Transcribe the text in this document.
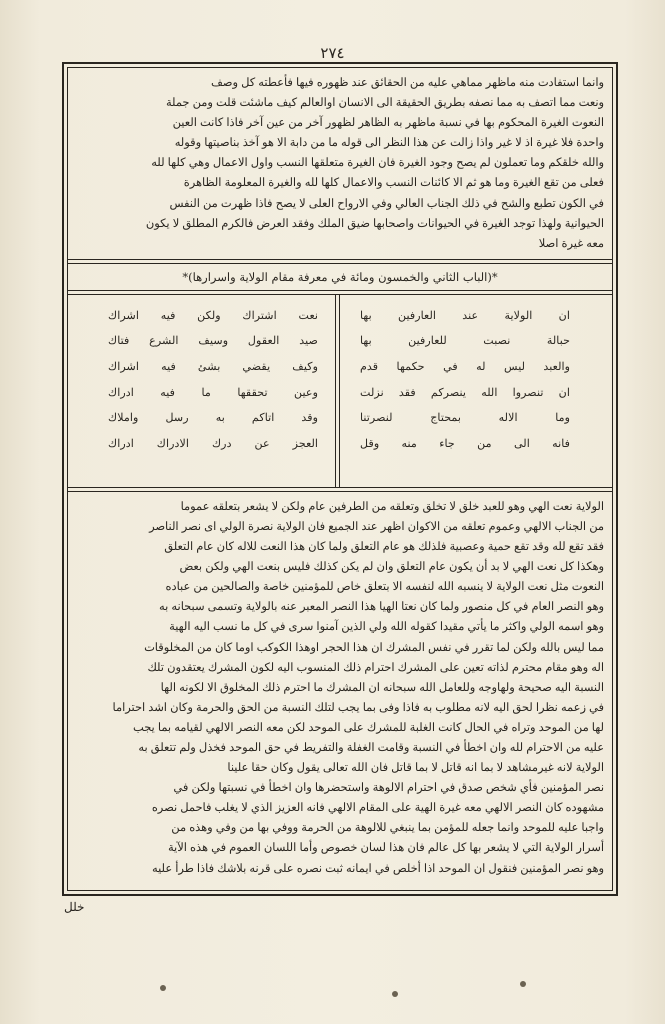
٢٧٤

وانما استفادت منه ماظهر مماهي عليه من الحقائق عند ظهوره فيها فأعطته كل وصف

ونعت مما اتصف به مما نصفه بطريق الحقيقة الى الانسان اوالعالم كيف ماشئت قلت ومن جملة

النعوت الغيرة المحكوم بها في نسبة ماظهر به الظاهر لظهور آخر من عين آخر فاذا كانت العين

واحدة فلا غيرة اذ لا غير واذا زالت عن هذا النظر الى قوله ما من دابة الا هو آخذ بناصيتها وقوله

والله خلقكم وما تعملون لم يصح وجود الغيرة فان الغيرة متعلقها النسب واول الاعمال وهي كلها لله

فعلى من تقع الغيرة وما هو ثم الا كائنات النسب والاعمال كلها لله والغيرة المعلومة الظاهرة

في الكون تطبع والشح في ذلك الجناب العالي وفي الارواح العلى لا يصح فاذا ظهرت من النفس

الحيوانية ولهذا توجد الغيرة في الحيوانات واصحابها ضيق الملك وفقد العرض فالكرم المطلق لا يكون

معه غيرة اصلا

*(الباب الثاني والخمسون ومائة في معرفة مقام الولاية واسرارها)*
ان الولاية عند العارفين بها
حبالة نصبت للعارفين بها
والعبد ليس له في حكمها قدم
ان تنصروا الله ينصركم فقد نزلت
وما الاله بمحتاج لنصرتنا
فانه الى من جاء منه وقل
نعت اشتراك ولكن فيه اشراك
صيد العقول وسيف الشرع فتاك
وكيف يقضي بشئ فيه اشراك
وعين تحققها ما فيه ادراك
وقد اتاكم به رسل واملاك
العجز عن درك الادراك ادراك

الولاية نعت الهي وهو للعبد خلق لا تخلق وتعلقه من الطرفين عام ولكن لا يشعر بتعلقه عموما

من الجناب الالهي وعموم تعلقه من الاكوان اظهر عند الجميع فان الولاية نصرة الولي اى نصر الناصر

فقد تقع لله وقد تقع حمية وعصبية فلذلك هو عام التعلق ولما كان هذا النعت للاله كان عام التعلق

وهكذا كل نعت الهي لا بد أن يكون عام التعلق وان لم يكن كذلك فليس بنعت الهي ولكن بعض

النعوت مثل نعت الولاية لا ينسبه الله لنفسه الا بتعلق خاص للمؤمنين خاصة والصالحين من عباده

وهو النصر العام في كل منصور ولما كان نعتا الهيا هذا النصر المعبر عنه بالولاية وتسمى سبحانه به

وهو اسمه الولي واكثر ما يأتي مقيدا كقوله الله ولي الذين آمنوا سرى في كل ما نسب اليه الهية

مما ليس بالله ولكن لما تقرر في نفس المشرك ان هذا الحجر اوهذا الكوكب اوما كان من المخلوقات

اله وهو مقام محترم لذاته تعين على المشرك احترام ذلك المنسوب اليه لكون المشرك يعتقدون تلك

النسبة اليه صحيحة ولهاوجه وللعامل الله سبحانه ان المشرك ما احترم ذلك المخلوق الا لكونه الها

في زعمه نظرا لحق اليه لانه مطلوب به فاذا وفى بما يجب لتلك النسبة من الحق والحرمة وكان اشد احتراما

لها من الموحد وتراه في الحال كانت الغلبة للمشرك على الموحد لكن معه النصر الالهي لقيامه بما يجب

عليه من الاحترام لله وان اخطأ في النسبة وقامت الغفلة والتفريط في حق الموحد فخذل ولم تتعلق به

الولاية لانه غيرمشاهد لا بما انه قاتل لا بما قاتل فان الله تعالى يقول وكان حقا علينا

نصر المؤمنين فأي شخص صدق في احترام الالوهة واستحضرها وان اخطأ في نسبتها ولكن في

مشهوده كان النصر الالهي معه غيرة الهية على المقام الالهي فانه العزيز الذي لا يغلب فاحمل نصره

واجبا عليه للموحد وانما جعله للمؤمن بما ينبغي للالوهة من الحرمة ووفي بها من وفي وهذه من

أسرار الولاية التي لا يشعر بها كل عالم فان هذا لسان خصوص وأما اللسان العموم في هذه الآية

وهو نصر المؤمنين فنقول ان الموحد اذا أخلص في ايمانه ثبت نصره على قرنه بلاشك فاذا طرأ عليه

خلل
